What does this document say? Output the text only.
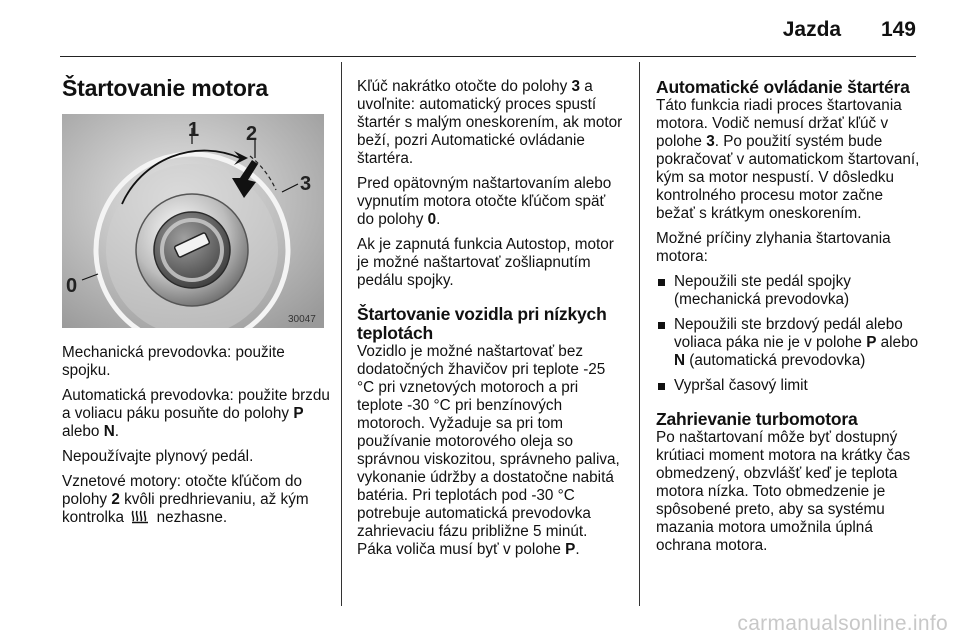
Jazda 149
Štartovanie motora
1 2
3
0
30047

Mechanická prevodovka: použite spojku.

Automatická prevodovka: použite brzdu a voliacu páku posuňte do polohy P alebo N.

Nepoužívajte plynový pedál.

Vznetové motory: otočte kľúčom do polohy 2 kvôli predhrievaniu, až kým kontrolka  nezhasne.

Kľúč nakrátko otočte do polohy 3 a uvoľnite: automatický proces spustí štartér s malým oneskorením, ak motor beží, pozri Automatické ovládanie štartéra.

Pred opätovným naštartovaním alebo vypnutím motora otočte kľúčom späť do polohy 0.

Ak je zapnutá funkcia Autostop, motor je možné naštartovať zošliapnutím pedálu spojky.

Štartovanie vozidla pri nízkych teplotách

Vozidlo je možné naštartovať bez dodatočných žhavičov pri teplote -25 °C pri vznetových motoroch a pri teplote -30 °C pri benzínových motoroch. Vyžaduje sa pri tom používanie motorového oleja so správnou viskozitou, správneho paliva, vykonanie údržby a dostatočne nabitá batéria. Pri teplotách pod -30 °C potrebuje automatická prevodovka zahrievaciu fázu približne 5 minút. Páka voliča musí byť v polohe P.

Automatické ovládanie štartéra

Táto funkcia riadi proces štartovania motora. Vodič nemusí držať kľúč v polohe 3. Po použití systém bude pokračovať v automatickom štartovaní, kým sa motor nespustí. V dôsledku kontrolného procesu motor začne bežať s krátkym oneskorením.

Možné príčiny zlyhania štartovania motora:

Nepoužili ste pedál spojky (mechanická prevodovka)
Nepoužili ste brzdový pedál alebo voliaca páka nie je v polohe P alebo N (automatická prevodovka)
Vypršal časový limit
Zahrievanie turbomotora

Po naštartovaní môže byť dostupný krútiaci moment motora na krátky čas obmedzený, obzvlášť keď je teplota motora nízka. Toto obmedzenie je spôsobené preto, aby sa systému mazania motora umožnila úplná ochrana motora.

carmanualsonline.info
